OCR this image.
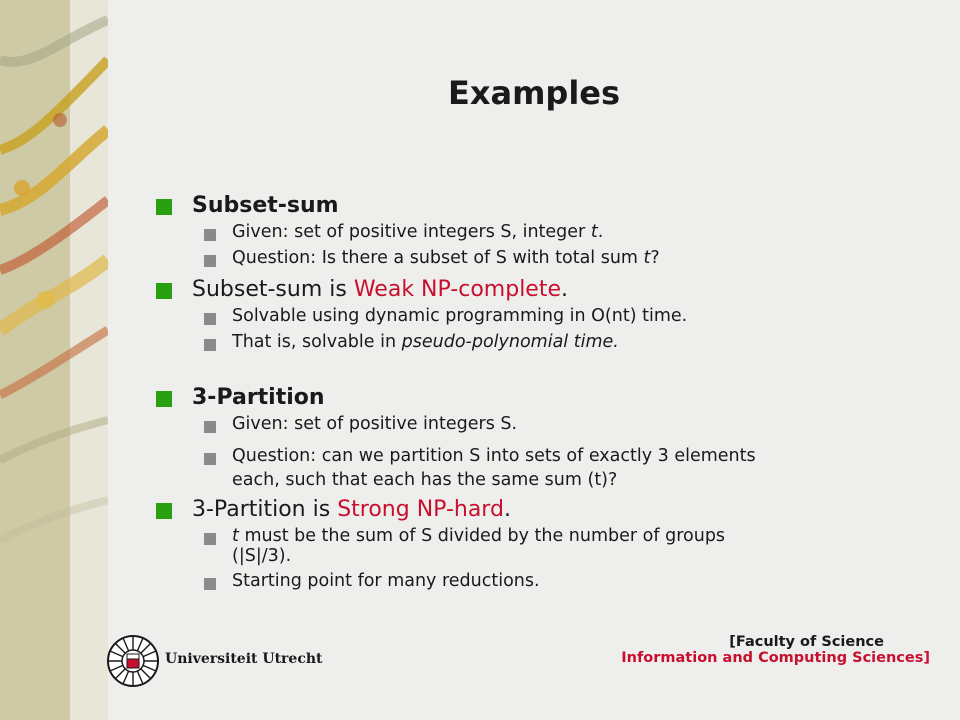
Examples
Subset-sum
Given: set of positive integers S, integer t.
Question: Is there a subset of S with total sum t?
Subset-sum is Weak NP-complete.
Solvable using dynamic programming in O(nt) time.
That is, solvable in pseudo-polynomial time.
3-Partition
Given: set of positive integers S.
Question: can we partition S into sets of exactly 3 elements
each, such that each has the same sum (t)?
3-Partition is Strong NP-hard.
t must be the sum of S divided by the number of groups
(|S|/3).
Starting point for many reductions.
Universiteit Utrecht
[Faculty of Science
Information and Computing Sciences]
